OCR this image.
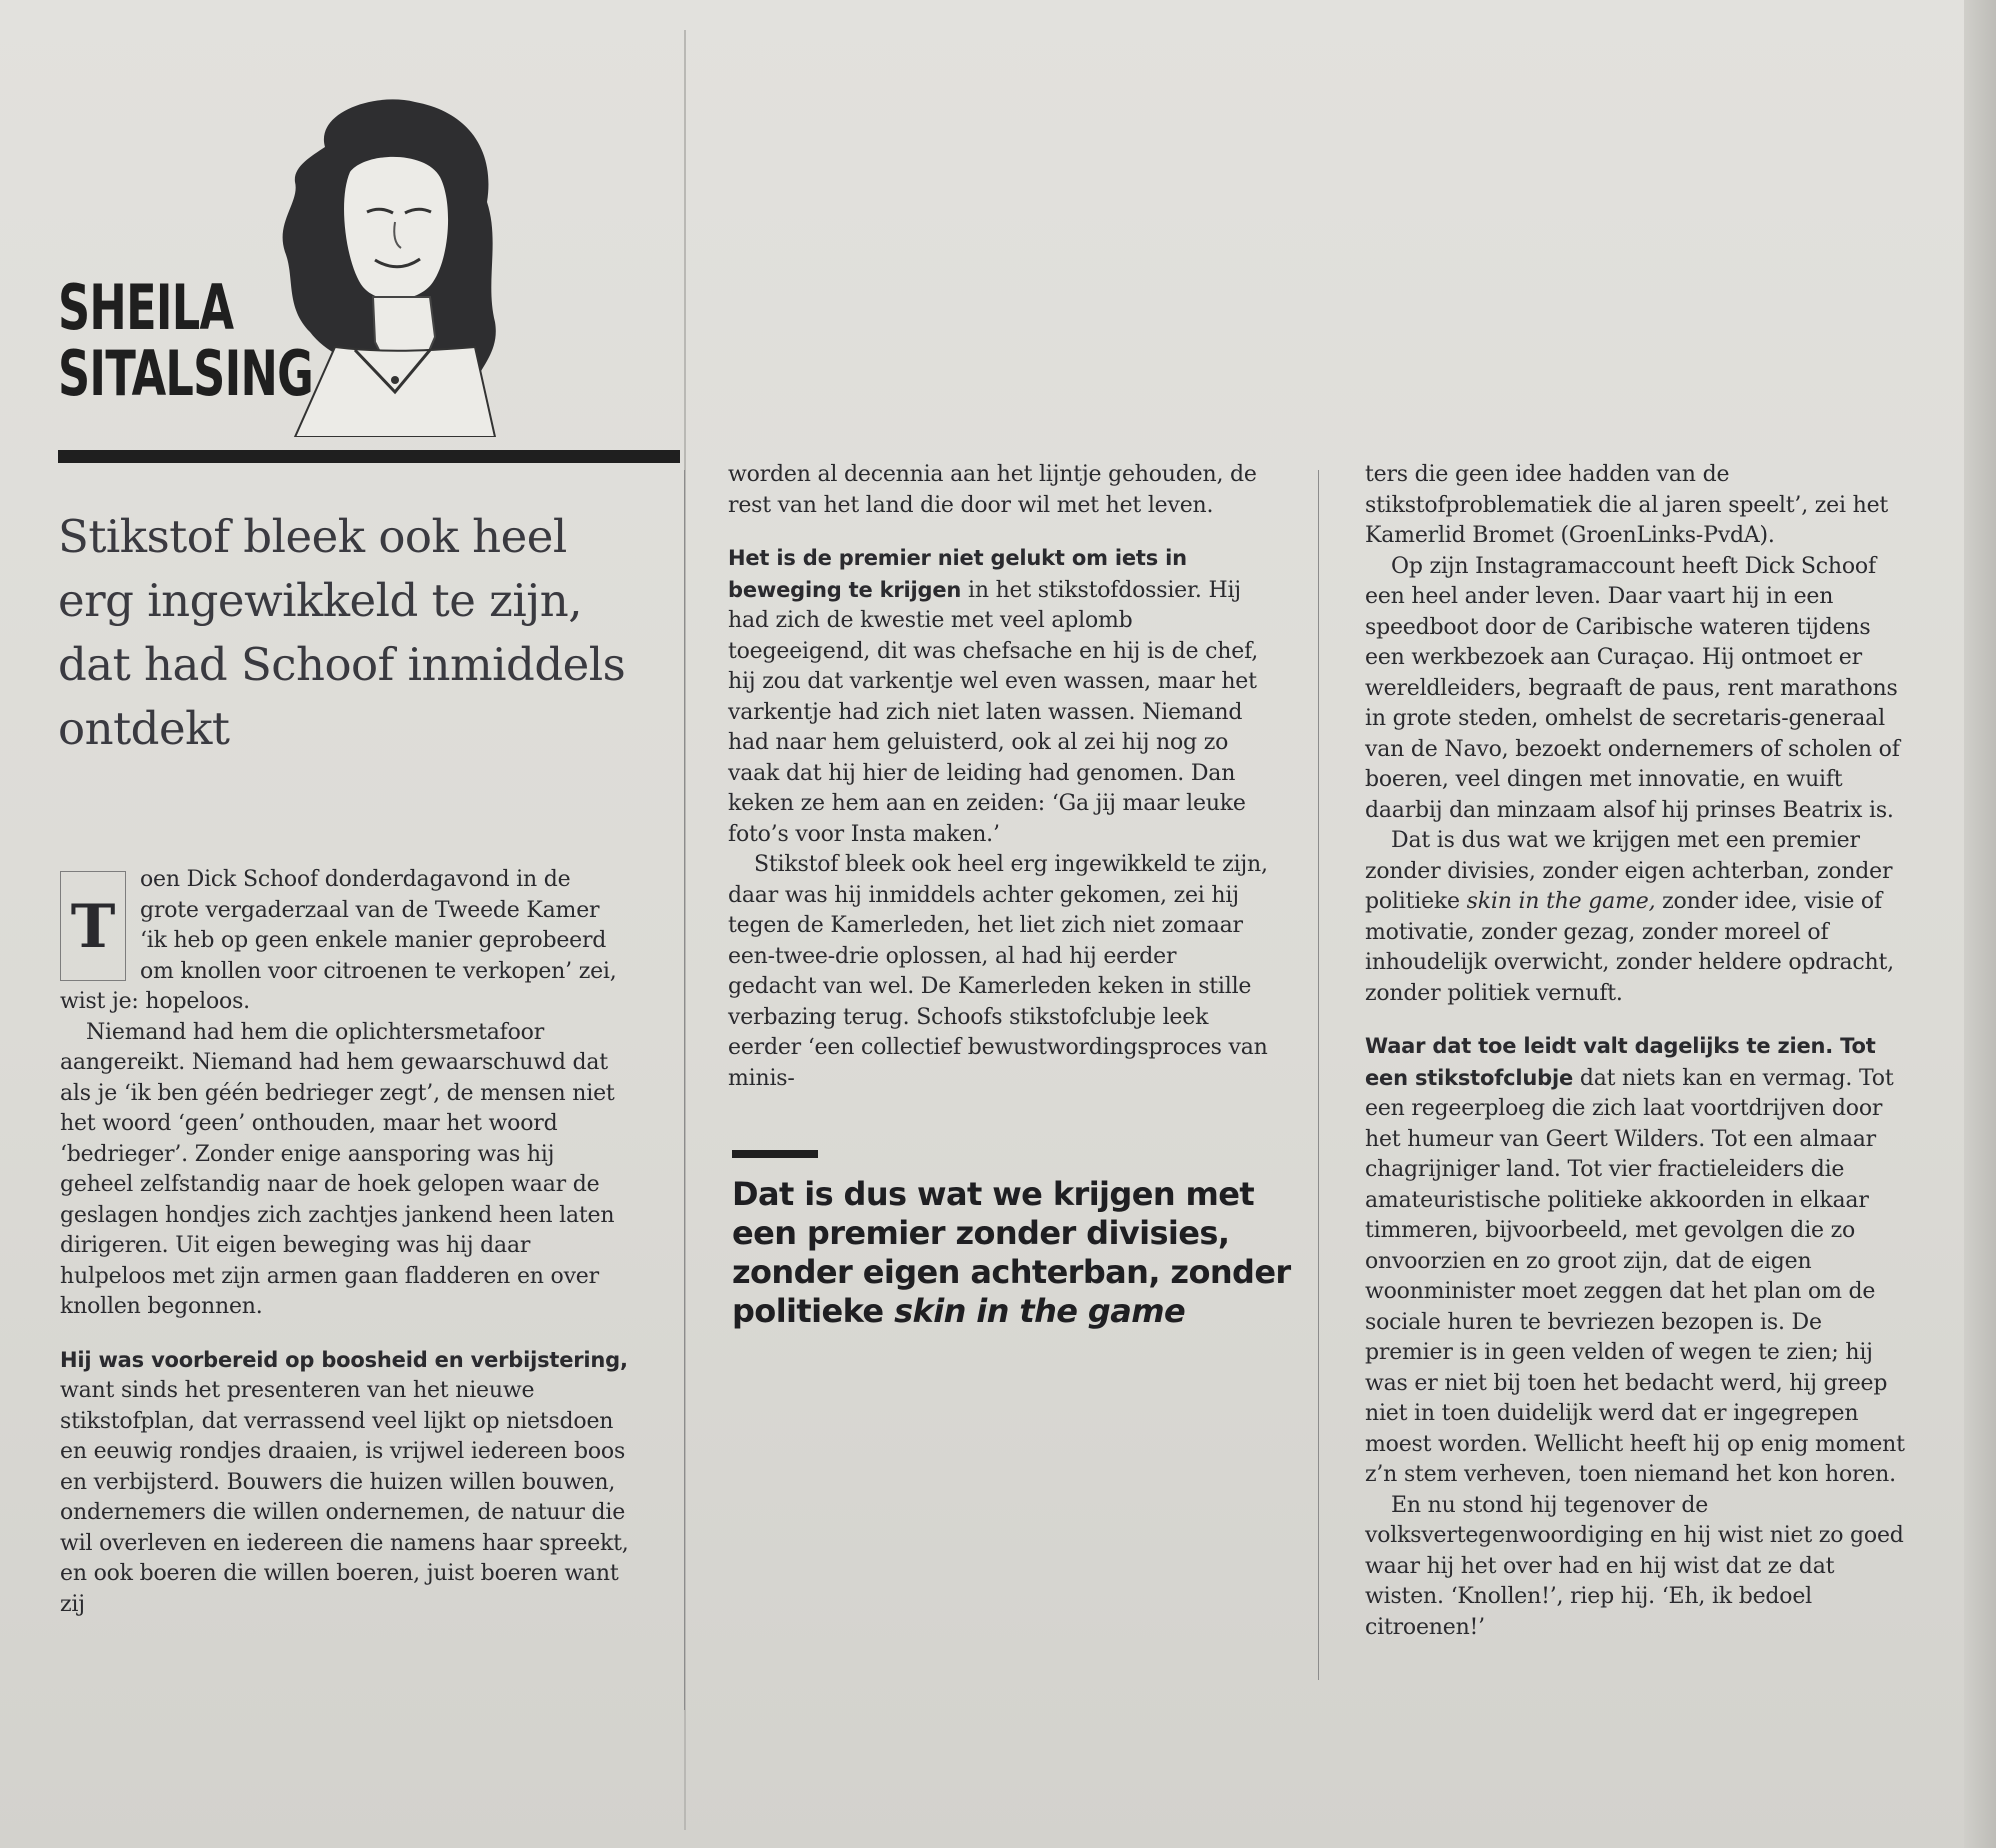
SHEILA
SITALSING
Stikstof bleek ook heel erg ingewikkeld te zijn, dat had Schoof inmiddels ontdekt

T
oen Dick Schoof donderdagavond in de grote vergaderzaal van de Tweede Kamer ‘ik heb op geen enkele manier geprobeerd om knollen voor citroenen te verkopen’ zei, wist je: hopeloos.

Niemand had hem die oplichtersmetafoor aangereikt. Niemand had hem gewaarschuwd dat als je ‘ik ben géén bedrieger zegt’, de mensen niet het woord ‘geen’ onthouden, maar het woord ‘bedrieger’. Zonder enige aansporing was hij geheel zelfstandig naar de hoek gelopen waar de geslagen hondjes zich zachtjes jankend heen laten dirigeren. Uit eigen beweging was hij daar hulpeloos met zijn armen gaan fladderen en over knollen begonnen.

Hij was voorbereid op boosheid en verbijstering, want sinds het presenteren van het nieuwe stikstofplan, dat verrassend veel lijkt op nietsdoen en eeuwig rondjes draaien, is vrijwel iedereen boos en verbijsterd. Bouwers die huizen willen bouwen, ondernemers die willen ondernemen, de natuur die wil overleven en iedereen die namens haar spreekt, en ook boeren die willen boeren, juist boeren want zij

worden al decennia aan het lijntje gehouden, de rest van het land die door wil met het leven.

Het is de premier niet gelukt om iets in beweging te krijgen in het stikstofdossier. Hij had zich de kwestie met veel aplomb toegeeigend, dit was chefsache en hij is de chef, hij zou dat varkentje wel even wassen, maar het varkentje had zich niet laten wassen. Niemand had naar hem geluisterd, ook al zei hij nog zo vaak dat hij hier de leiding had genomen. Dan keken ze hem aan en zeiden: ‘Ga jij maar leuke foto’s voor Insta maken.’

Stikstof bleek ook heel erg ingewikkeld te zijn, daar was hij inmiddels achter gekomen, zei hij tegen de Kamerleden, het liet zich niet zomaar een-twee-drie oplossen, al had hij eerder gedacht van wel. De Kamerleden keken in stille verbazing terug. Schoofs stikstofclubje leek eerder ‘een collectief bewustwordingsproces van minis-

Dat is dus wat we krijgen met een premier zonder divisies, zonder eigen achterban, zonder politieke skin in the game

ters die geen idee hadden van de stikstofproblematiek die al jaren speelt’, zei het Kamerlid Bromet (GroenLinks-PvdA).

Op zijn Instagramaccount heeft Dick Schoof een heel ander leven. Daar vaart hij in een speedboot door de Caribische wateren tijdens een werkbezoek aan Curaçao. Hij ontmoet er wereldleiders, begraaft de paus, rent marathons in grote steden, omhelst de secretaris-generaal van de Navo, bezoekt ondernemers of scholen of boeren, veel dingen met innovatie, en wuift daarbij dan minzaam alsof hij prinses Beatrix is.

Dat is dus wat we krijgen met een premier zonder divisies, zonder eigen achterban, zonder politieke skin in the game, zonder idee, visie of motivatie, zonder gezag, zonder moreel of inhoudelijk overwicht, zonder heldere opdracht, zonder politiek vernuft.

Waar dat toe leidt valt dagelijks te zien. Tot een stikstofclubje dat niets kan en vermag. Tot een regeerploeg die zich laat voortdrijven door het humeur van Geert Wilders. Tot een almaar chagrijniger land. Tot vier fractieleiders die amateuristische politieke akkoorden in elkaar timmeren, bijvoorbeeld, met gevolgen die zo onvoorzien en zo groot zijn, dat de eigen woonminister moet zeggen dat het plan om de sociale huren te bevriezen bezopen is. De premier is in geen velden of wegen te zien; hij was er niet bij toen het bedacht werd, hij greep niet in toen duidelijk werd dat er ingegrepen moest worden. Wellicht heeft hij op enig moment z’n stem verheven, toen niemand het kon horen.

En nu stond hij tegenover de volksvertegenwoordiging en hij wist niet zo goed waar hij het over had en hij wist dat ze dat wisten. ‘Knollen!’, riep hij. ‘Eh, ik bedoel citroenen!’
